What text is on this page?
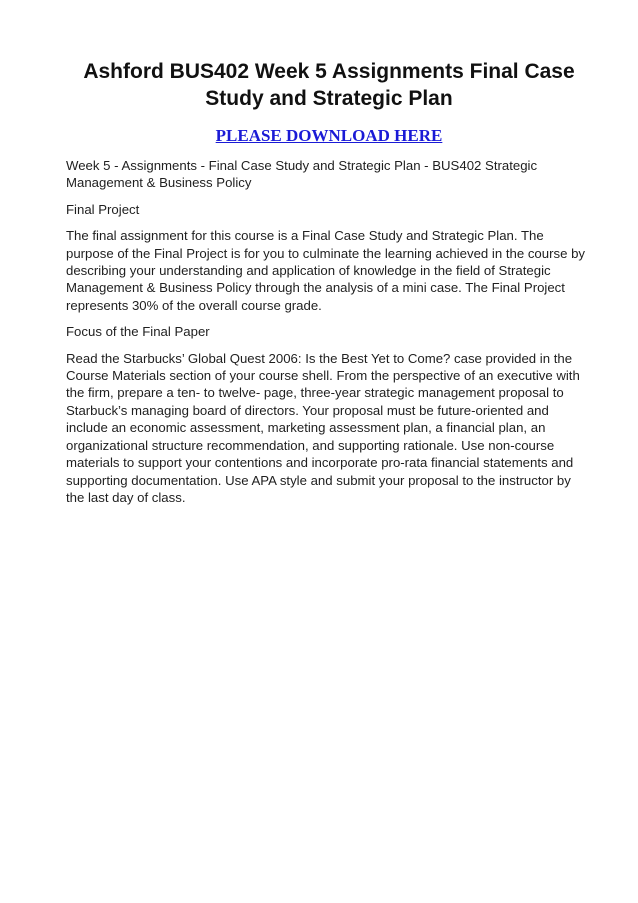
Ashford BUS402 Week 5 Assignments Final Case Study and Strategic Plan
PLEASE DOWNLOAD HERE

Week 5 - Assignments - Final Case Study and Strategic Plan - BUS402 Strategic Management & Business Policy

Final Project

The final assignment for this course is a Final Case Study and Strategic Plan. The purpose of the Final Project is for you to culminate the learning achieved in the course by describing your understanding and application of knowledge in the field of Strategic Management & Business Policy through the analysis of a mini case. The Final Project represents 30% of the overall course grade.

Focus of the Final Paper

Read the Starbucks’ Global Quest 2006: Is the Best Yet to Come? case provided in the Course Materials section of your course shell. From the perspective of an executive with the firm, prepare a ten- to twelve- page, three-year strategic management proposal to Starbuck’s managing board of directors. Your proposal must be future-oriented and include an economic assessment, marketing assessment plan, a financial plan, an organizational structure recommendation, and supporting rationale. Use non-course materials to support your contentions and incorporate pro-rata financial statements and supporting documentation. Use APA style and submit your proposal to the instructor by the last day of class.
